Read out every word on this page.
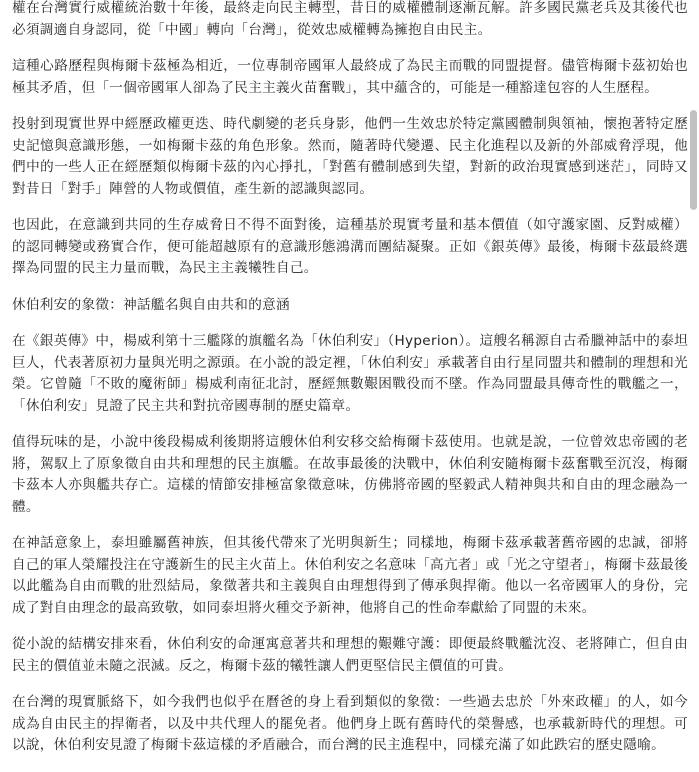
權在台灣實行威權統治數十年後，最終走向民主轉型，昔日的威權體制逐漸瓦解。許多國民黨老兵及其後代也必須調適自身認同，從「中國」轉向「台灣」，從效忠威權轉為擁抱自由民主。

這種心路歷程與梅爾卡茲極為相近，一位專制帝國軍人最終成了為民主而戰的同盟提督。儘管梅爾卡茲初始也極其矛盾，但「一個帝國軍人卻為了民主主義火苗奮戰」，其中蘊含的，可能是一種豁達包容的人生歷程。

投射到現實世界中經歷政權更迭、時代劇變的老兵身影，他們一生效忠於特定黨國體制與領袖，懷抱著特定歷史記憶與意識形態，一如梅爾卡茲的角色形象。然而，隨著時代變遷、民主化進程以及新的外部威脅浮現，他們中的一些人正在經歷類似梅爾卡茲的內心掙扎，「對舊有體制感到失望，對新的政治現實感到迷茫」，同時又對昔日「對手」陣營的人物或價值，產生新的認識與認同。

也因此，在意識到共同的生存威脅日不得不面對後，這種基於現實考量和基本價值（如守護家園、反對威權）的認同轉變或務實合作，便可能超越原有的意識形態鴻溝而團結凝聚。正如《銀英傳》最後，梅爾卡茲最終選擇為同盟的民主力量而戰，為民主主義犧牲自己。

休伯利安的象徵：神話艦名與自由共和的意涵

在《銀英傳》中，楊威利第十三艦隊的旗艦名為「休伯利安」（Hyperion）。這艘名稱源自古希臘神話中的泰坦巨人，代表著原初力量與光明之源頭。在小說的設定裡，「休伯利安」承載著自由行星同盟共和體制的理想和光榮。它曾隨「不敗的魔術師」楊威利南征北討，歷經無數艱困戰役而不墜。作為同盟最具傳奇性的戰艦之一，「休伯利安」見證了民主共和對抗帝國專制的歷史篇章。

值得玩味的是，小說中後段楊威利後期將這艘休伯利安移交給梅爾卡茲使用。也就是說，一位曾效忠帝國的老將，駕馭上了原象徵自由共和理想的民主旗艦。在故事最後的決戰中，休伯利安隨梅爾卡茲奮戰至沉沒，梅爾卡茲本人亦與艦共存亡。這樣的情節安排極富象徵意味，仿佛將帝國的堅毅武人精神與共和自由的理念融為一體。

在神話意象上，泰坦雖屬舊神族，但其後代帶來了光明與新生；同樣地，梅爾卡茲承載著舊帝國的忠誠，卻將自己的軍人榮耀投注在守護新生的民主火苗上。休伯利安之名意味「高亢者」或「光之守望者」，梅爾卡茲最後以此艦為自由而戰的壯烈結局，象徵著共和主義與自由理想得到了傳承與捍衛。他以一名帝國軍人的身份，完成了對自由理念的最高致敬，如同泰坦將火種交予新神，他將自己的性命奉獻給了同盟的未來。

從小說的結構安排來看，休伯利安的命運寓意著共和理想的艱難守護：即便最終戰艦沈沒、老將陣亡，但自由民主的價值並未隨之泯滅。反之，梅爾卡茲的犧牲讓人們更堅信民主價值的可貴。

在台灣的現實脈絡下，如今我們也似乎在曆爸的身上看到類似的象徵：一些過去忠於「外來政權」的人，如今成為自由民主的捍衛者，以及中共代理人的罷免者。他們身上既有舊時代的榮譽感，也承載新時代的理想。可以說，休伯利安見證了梅爾卡茲這樣的矛盾融合，而台灣的民主進程中，同樣充滿了如此跌宕的歷史隱喻。
